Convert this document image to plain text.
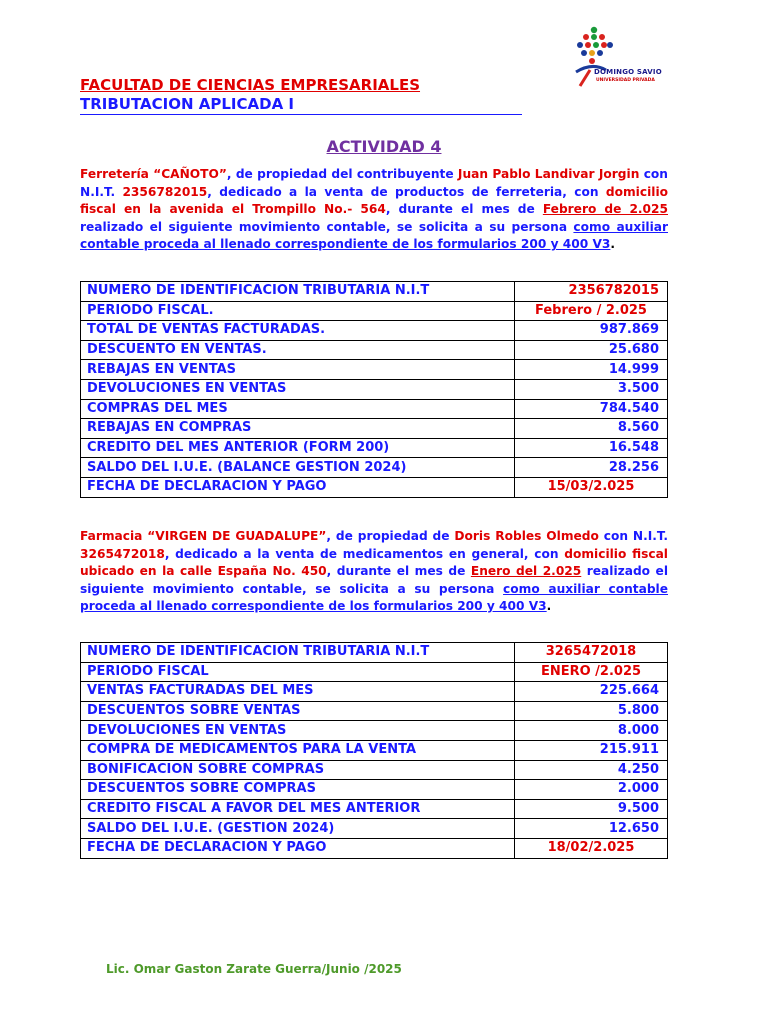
FACULTAD DE CIENCIAS EMPRESARIALES
TRIBUTACION APLICADA I
DOMINGO SAVIO
UNIVERSIDAD PRIVADA
ACTIVIDAD 4
Ferretería “CAÑOTO”, de propiedad del contribuyente Juan Pablo Landivar Jorgin con N.I.T. 2356782015, dedicado a la venta de productos de ferreteria, con domicilio fiscal en la avenida el Trompillo No.- 564, durante el mes de Febrero de 2.025 realizado el siguiente movimiento contable, se solicita a su persona como auxiliar contable proceda al llenado correspondiente de los formularios 200 y 400 V3.
NUMERO DE IDENTIFICACION TRIBUTARIA N.I.T	2356782015
PERIODO FISCAL.	Febrero / 2.025
TOTAL DE VENTAS FACTURADAS.	987.869
DESCUENTO EN VENTAS.	25.680
REBAJAS EN VENTAS	14.999
DEVOLUCIONES EN VENTAS	3.500
COMPRAS DEL MES	784.540
REBAJAS EN COMPRAS	8.560
CREDITO DEL MES ANTERIOR (FORM 200)	16.548
SALDO DEL I.U.E. (BALANCE GESTION 2024)	28.256
FECHA DE DECLARACION Y PAGO	15/03/2.025
Farmacia “VIRGEN DE GUADALUPE”, de propiedad de Doris Robles Olmedo con N.I.T. 3265472018, dedicado a la venta de medicamentos en general, con domicilio fiscal ubicado en la calle España No. 450, durante el mes de Enero del 2.025 realizado el siguiente movimiento contable, se solicita a su persona como auxiliar contable proceda al llenado correspondiente de los formularios 200 y 400 V3.
NUMERO DE IDENTIFICACION TRIBUTARIA N.I.T	3265472018
PERIODO FISCAL	ENERO /2.025
VENTAS FACTURADAS DEL MES	225.664
DESCUENTOS SOBRE VENTAS	5.800
DEVOLUCIONES EN VENTAS	8.000
COMPRA DE MEDICAMENTOS PARA LA VENTA	215.911
BONIFICACION SOBRE COMPRAS	4.250
DESCUENTOS SOBRE COMPRAS	2.000
CREDITO FISCAL A FAVOR DEL MES ANTERIOR	9.500
SALDO DEL I.U.E. (GESTION 2024)	12.650
FECHA DE DECLARACION Y PAGO	18/02/2.025
Lic. Omar Gaston Zarate Guerra/Junio /2025
